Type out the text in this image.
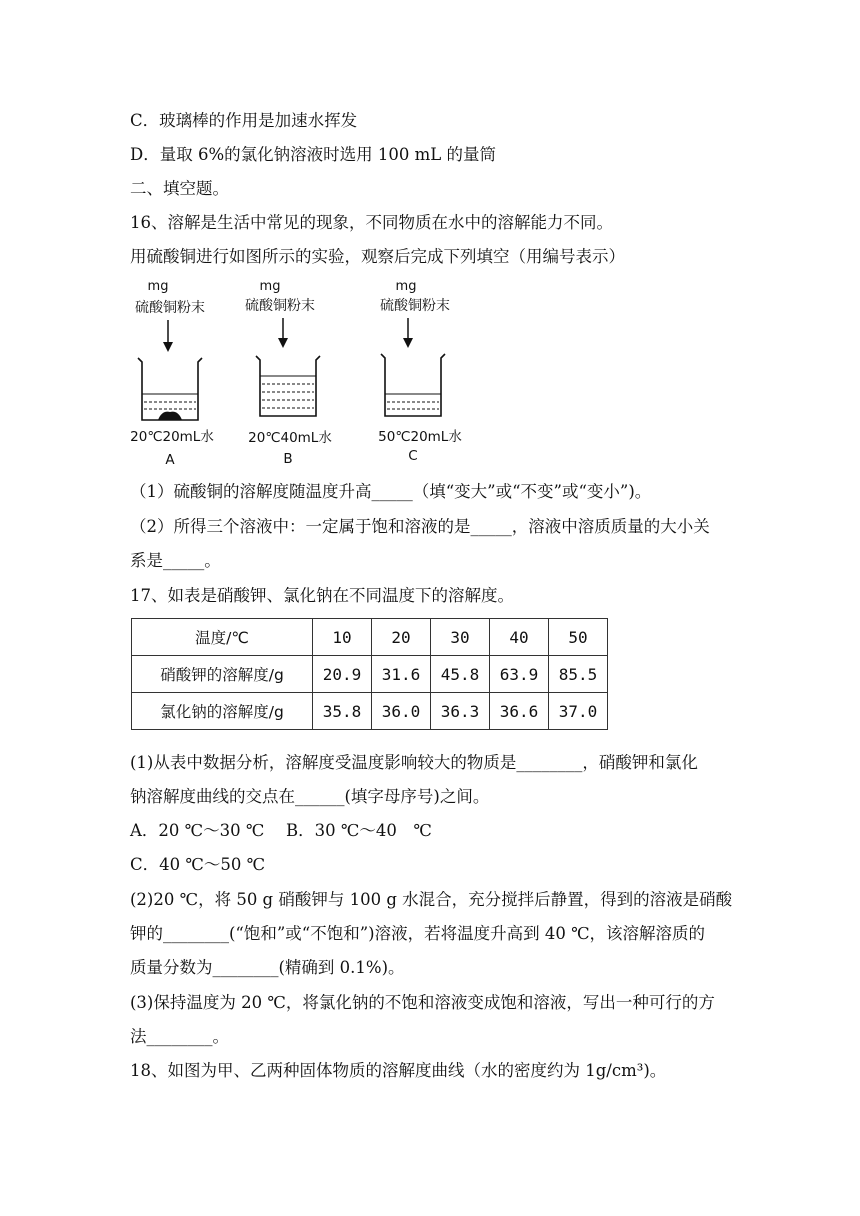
C．玻璃棒的作用是加速水挥发
D．量取 6%的氯化钠溶液时选用 100 mL 的量筒
二、填空题。
16、溶解是生活中常见的现象，不同物质在水中的溶解能力不同。
用硫酸铜进行如图所示的实验，观察后完成下列填空（用编号表示）
mg
硫酸铜粉末
20℃20mL水
A
mg
硫酸铜粉末
20℃40mL水
B
mg
硫酸铜粉末
50℃20mL水
C
（1）硫酸铜的溶解度随温度升高_____（填“变大”或“不变”或“变小”)。
（2）所得三个溶液中：一定属于饱和溶液的是_____，溶液中溶质质量的大小关
系是_____。
17、如表是硝酸钾、氯化钠在不同温度下的溶解度。
温度/℃	10	20	30	40	50
硝酸钾的溶解度/g	20.9	31.6	45.8	63.9	85.5
氯化钠的溶解度/g	35.8	36.0	36.3	36.6	37.0
(1)从表中数据分析，溶解度受温度影响较大的物质是________，硝酸钾和氯化
钠溶解度曲线的交点在______(填字母序号)之间。
A．20 ℃～30 ℃　 B．30 ℃～40　℃
C．40 ℃～50 ℃
(2)20 ℃，将 50 g 硝酸钾与 100 g 水混合，充分搅拌后静置，得到的溶液是硝酸
钾的________(“饱和”或“不饱和”)溶液，若将温度升高到 40 ℃，该溶解溶质的
质量分数为________(精确到 0.1%)。
(3)保持温度为 20 ℃，将氯化钠的不饱和溶液变成饱和溶液，写出一种可行的方
法________。
18、如图为甲、乙两种固体物质的溶解度曲线（水的密度约为 1g/cm³)。
